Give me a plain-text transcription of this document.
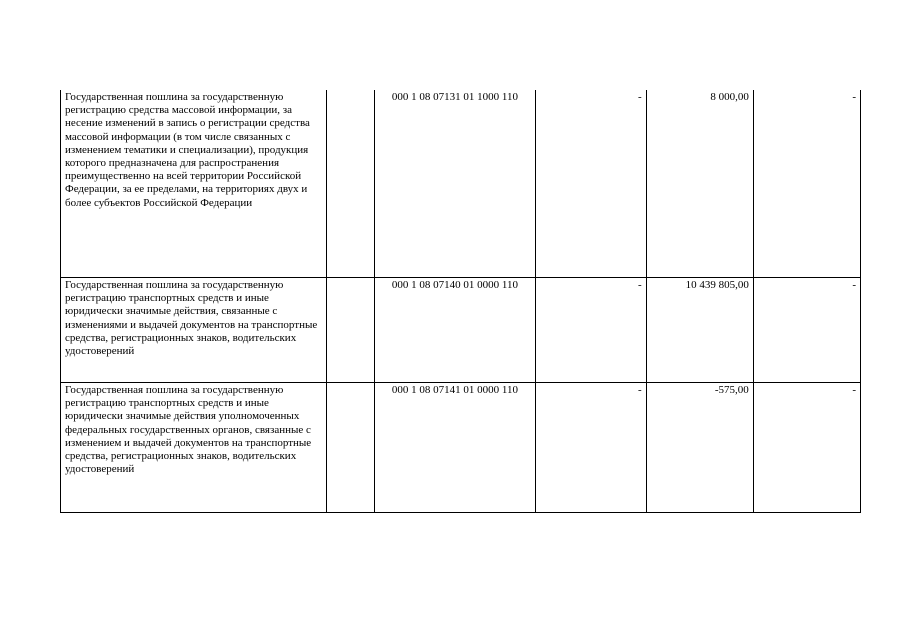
Государственная пошлина за государственную регистрацию средства массовой информации, за несение изменений в запись о регистрации средства массовой информации (в том числе связанных с изменением тематики и специализации), продукция которого предназначена для распространения преимущественно на всей территории Российской Федерации, за ее пределами, на территориях двух и более субъектов Российской Федерации		000 1 08 07131 01 1000 110	-	8 000,00	-
Государственная пошлина за государственную регистрацию транспортных средств и иные юридически значимые действия, связанные с изменениями и выдачей документов на транспортные средства, регистрационных знаков, водительских удостоверений		000 1 08 07140 01 0000 110	-	10 439 805,00	-
Государственная пошлина за государственную регистрацию транспортных средств и иные юридически значимые действия уполномоченных федеральных государственных органов, связанные с изменением и выдачей документов на транспортные средства, регистрационных знаков, водительских удостоверений		000 1 08 07141 01 0000 110	-	-575,00	-
